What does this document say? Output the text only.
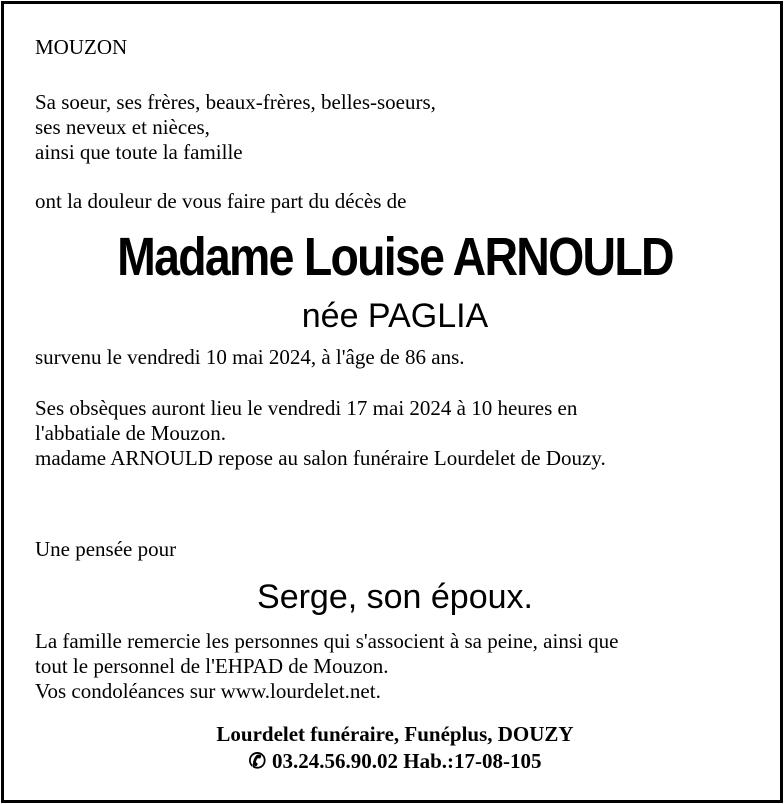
MOUZON
Sa soeur, ses frères, beaux-frères, belles-soeurs,
ses neveux et nièces,
ainsi que toute la famille
ont la douleur de vous faire part du décès de
Madame Louise ARNOULD
née PAGLIA
survenu le vendredi 10 mai 2024, à l'âge de 86 ans.
Ses obsèques auront lieu le vendredi 17 mai 2024 à 10 heures en
l'abbatiale de Mouzon.
madame ARNOULD repose au salon funéraire Lourdelet de Douzy.
Une pensée pour
Serge, son époux.
La famille remercie les personnes qui s'associent à sa peine, ainsi que
tout le personnel de l'EHPAD de Mouzon.
Vos condoléances sur www.lourdelet.net.
Lourdelet funéraire, Funéplus, DOUZY
✆ 03.24.56.90.02 Hab.:17-08-105
